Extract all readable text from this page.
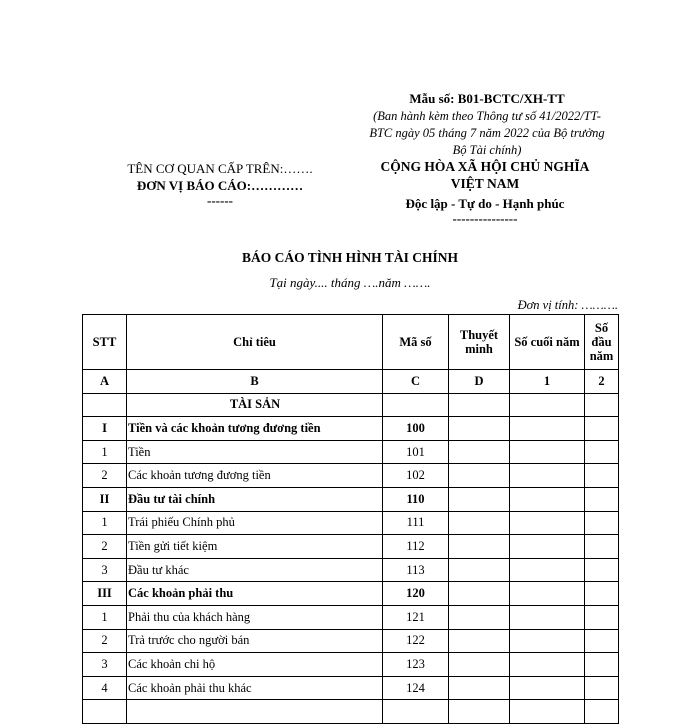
Mẫu số: B01-BCTC/XH-TT
(Ban hành kèm theo Thông tư số 41/2022/TT-
BTC ngày 05 tháng 7 năm 2022 của Bộ trưởng
Bộ Tài chính)
TÊN CƠ QUAN CẤP TRÊN:…….
ĐƠN VỊ BÁO CÁO:…………
------
CỘNG HÒA XÃ HỘI CHỦ NGHĨA
VIỆT NAM
Độc lập - Tự do - Hạnh phúc
---------------
BÁO CÁO TÌNH HÌNH TÀI CHÍNH
Tại ngày.... tháng ….năm …….
Đơn vị tính: ……….
STT	Chỉ tiêu	Mã số	Thuyết minh	Số cuối năm	Số đầu năm
A	B	C	D	1	2
	TÀI SẢN				
I	Tiền và các khoản tương đương tiền	100			
1	Tiền	101			
2	Các khoản tương đương tiền	102			
II	Đầu tư tài chính	110			
1	Trái phiếu Chính phủ	111			
2	Tiền gửi tiết kiệm	112			
3	Đầu tư khác	113			
III	Các khoản phải thu	120			
1	Phải thu của khách hàng	121			
2	Trả trước cho người bán	122			
3	Các khoản chi hộ	123			
4	Các khoản phải thu khác	124			
